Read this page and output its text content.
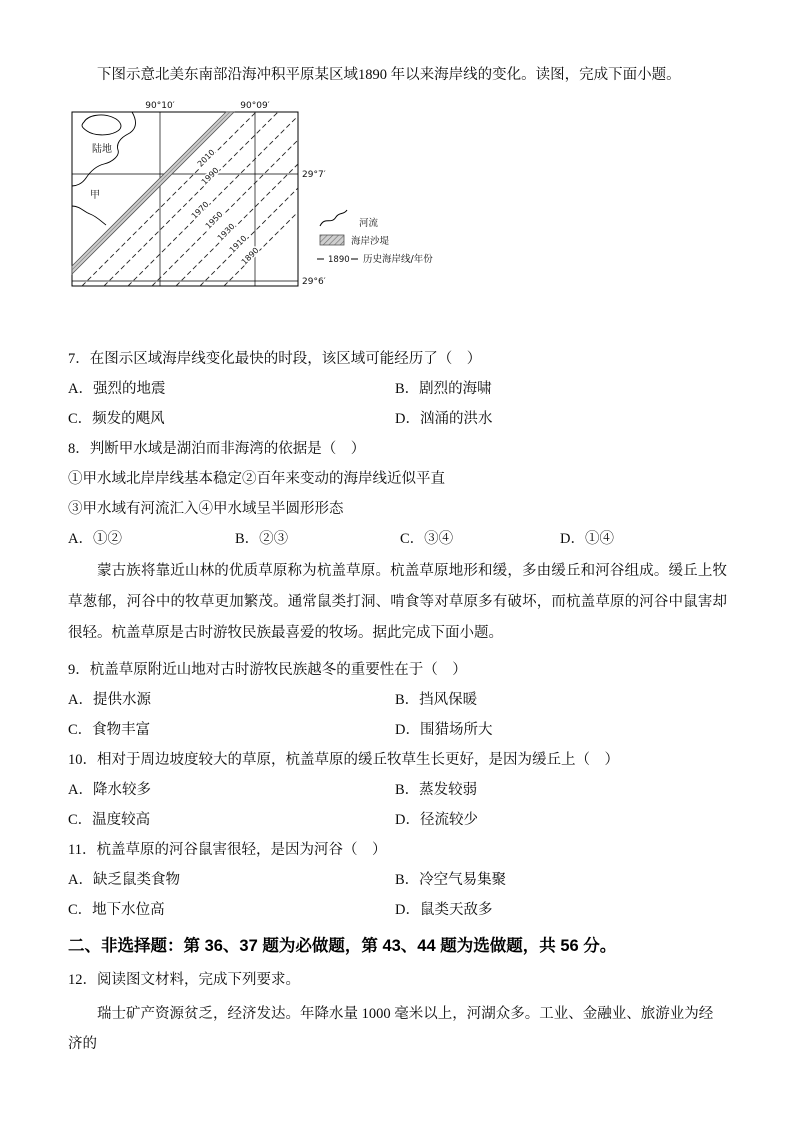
下图示意北美东南部沿海冲积平原某区域1890 年以来海岸线的变化。读图，完成下面小题。

90°10′	90°09′
29°7′
29°6′
陆地
甲
2010
1990
1970
1950
1930
1910
1890
河流
海岸沙堤
1890 历史海岸线/年份

7．在图示区域海岸线变化最快的时段，该区域可能经历了（　）

A．强烈的地震	B．剧烈的海啸
C．频发的飓风	D．汹涌的洪水

8．判断甲水域是湖泊而非海湾的依据是（　）

①甲水域北岸岸线基本稳定②百年来变动的海岸线近似平直

③甲水域有河流汇入④甲水域呈半圆形形态

A．①②	B．②③	C．③④	D．①④

蒙古族将靠近山林的优质草原称为杭盖草原。杭盖草原地形和缓，多由缓丘和河谷组成。缓丘上牧草葱郁，河谷中的牧草更加繁茂。通常鼠类打洞、啃食等对草原多有破坏，而杭盖草原的河谷中鼠害却很轻。杭盖草原是古时游牧民族最喜爱的牧场。据此完成下面小题。

9．杭盖草原附近山地对古时游牧民族越冬的重要性在于（　）

A．提供水源	B．挡风保暖
C．食物丰富	D．围猎场所大

10．相对于周边坡度较大的草原，杭盖草原的缓丘牧草生长更好，是因为缓丘上（　）

A．降水较多	B．蒸发较弱
C．温度较高	D．径流较少

11．杭盖草原的河谷鼠害很轻，是因为河谷（　）

A．缺乏鼠类食物	B．冷空气易集聚
C．地下水位高	D．鼠类天敌多

二、非选择题：第 36、37 题为必做题，第 43、44 题为选做题，共 56 分。

12．阅读图文材料，完成下列要求。

瑞士矿产资源贫乏，经济发达。年降水量 1000 毫米以上，河湖众多。工业、金融业、旅游业为经济的
